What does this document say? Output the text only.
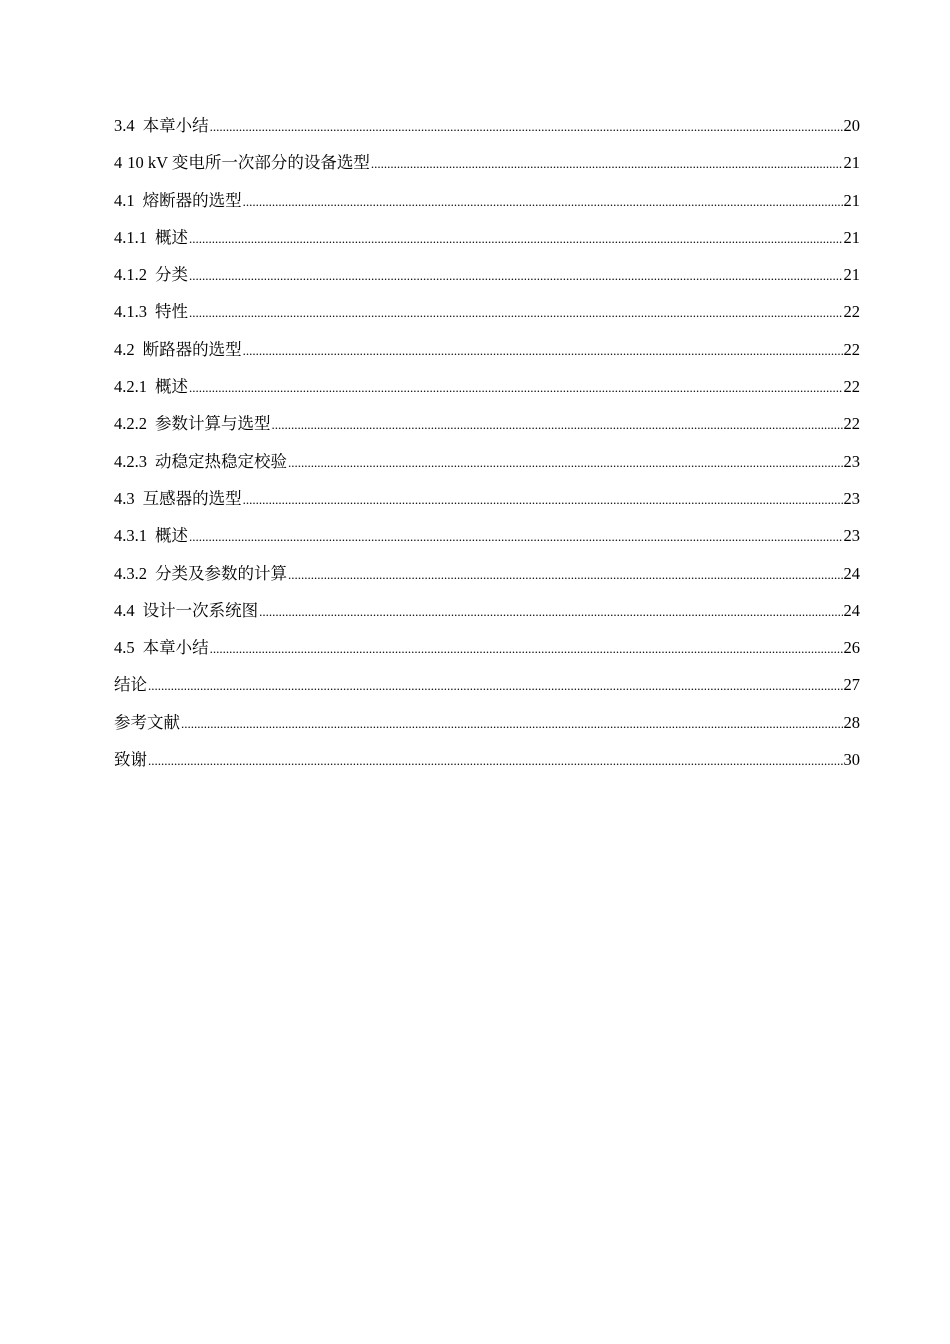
3.4 本章小结 .....	20
4 10 kV 变电所一次部分的设备选型 .....	21
4.1 熔断器的选型 .....	21
4.1.1 概述 .....	21
4.1.2 分类 .....	21
4.1.3 特性 .....	22
4.2 断路器的选型 .....	22
4.2.1 概述 .....	22
4.2.2 参数计算与选型 .....	22
4.2.3 动稳定热稳定校验 .....	23
4.3 互感器的选型 .....	23
4.3.1 概述 .....	23
4.3.2 分类及参数的计算 .....	24
4.4 设计一次系统图 .....	24
4.5 本章小结 .....	26
结论 .....	27
参考文献 .....	28
致谢 .....	30
